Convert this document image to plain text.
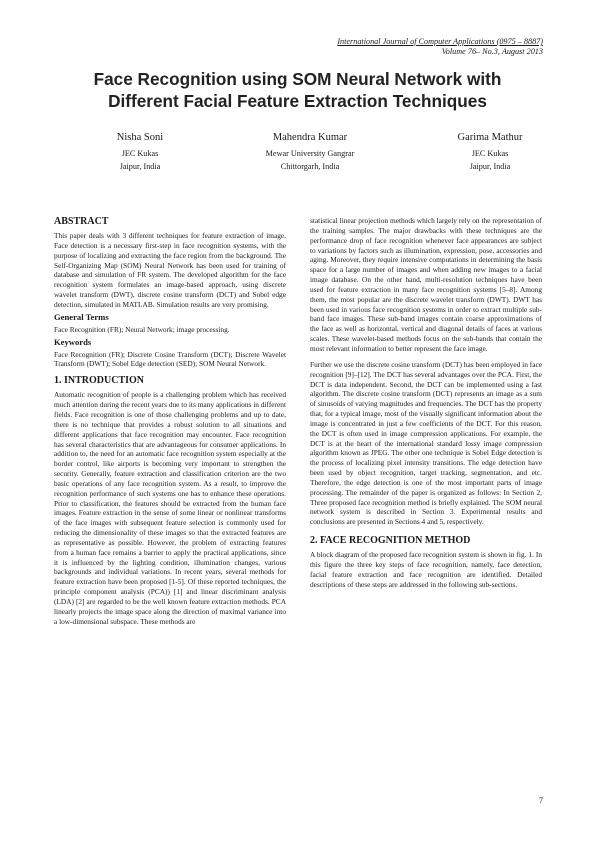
International Journal of Computer Applications (0975 – 8887)
Volume 76– No.3, August 2013
Face Recognition using SOM Neural Network with
Different Facial Feature Extraction Techniques
Nisha Soni
JEC Kukas
Jaipur, India
Mahendra Kumar
Mewar University Gangrar
Chittorgarh, India
Garima Mathur
JEC Kukas
Jaipur, India
ABSTRACT

This paper deals with 3 different techniques for feature extraction of image. Face detection is a necessary first-step in face recognition systems, with the purpose of localizing and extracting the face region from the background. The Self-Organizing Map (SOM) Neural Network has been used for training of database and simulation of FR system. The developed algorithm for the face recognition system formulates an image-based approach, using discrete wavelet transform (DWT), discrete cosine transform (DCT) and Sobel edge detection, simulated in MATLAB. Simulation results are very promising.

General Terms

Face Recognition (FR); Neural Network; image processing.

Keywords

Face Recognition (FR); Discrete Cosine Transform (DCT); Discrete Wavelet Transform (DWT); Sobel Edge detection (SED); SOM Neural Network.

1. INTRODUCTION

Automatic recognition of people is a challenging problem which has received much attention during the recent years due to its many applications in different fields. Face recognition is one of those challenging problems and up to date, there is no technique that provides a robust solution to all situations and different applications that face recognition may encounter. Face recognition has several characteristics that are advantageous for consumer applications. In addition to, the need for an automatic face recognition system especially at the border control, like airports is becoming very important to strengthen the security. Generally, feature extraction and classification criterion are the two basic operations of any face recognition system. As a result, to improve the recognition performance of such systems one has to enhance these operations. Prior to classification, the features should be extracted from the human face images. Feature extraction in the sense of some linear or nonlinear transforms of the face images with subsequent feature selection is commonly used for reducing the dimensionality of these images so that the extracted features are as representative as possible. However, the problem of extracting features from a human face remains a barrier to apply the practical applications, since it is influenced by the lighting condition, illumination changes, various backgrounds and individual variations. In recent years, several methods for feature extraction have been proposed [1-5]. Of these reported techniques, the principle component analysis (PCA)) [1] and linear discriminant analysis (LDA) [2] are regarded to be the well known feature extraction methods. PCA linearly projects the image space along the direction of maximal variance into a low-dimensional subspace. These methods are

statistical linear projection methods which largely rely on the representation of the training samples. The major drawbacks with these techniques are the performance drop of face recognition whenever face appearances are subject to variations by factors such as illumination, expression, pose, accessories and aging. Moreover, they require intensive computations in determining the basis space for a large number of images and when adding new images to a facial image database. On the other hand, multi-resolution techniques have been used for feature extraction in many face recognition systems [5–8]. Among them, the most popular are the discrete wavelet transform (DWT). DWT has been used in various face recognition systems in order to extract multiple sub-band face images. These sub-band images contain coarse approximations of the face as well as horizontal, vertical and diagonal details of faces at various scales. These wavelet-based methods focus on the sub-bands that contain the most relevant information to better represent the face image.

Further we use the discrete cosine transform (DCT) has been employed in face recognition [9]–[12]. The DCT has several advantages over the PCA. First, the DCT is data independent. Second, the DCT can be implemented using a fast algorithm. The discrete cosine transform (DCT) represents an image as a sum of sinusoids of varying magnitudes and frequencies. The DCT has the property that, for a typical image, most of the visually significant information about the image is concentrated in just a few coefficients of the DCT. For this reason, the DCT is often used in image compression applications. For example, the DCT is at the heart of the international standard lossy image compression algorithm known as JPEG. The other one technique is Sobel Edge detection is the process of localizing pixel intensity transitions. The edge detection have been used by object recognition, target tracking, segmentation, and etc. Therefore, the edge detection is one of the most important parts of image processing. The remainder of the paper is organized as follows: In Section 2, Three proposed face recognition method is briefly explained. The SOM neural network system is described in Section 3. Experimental results and conclusions are presented in Sections 4 and 5, respectively.

2. FACE RECOGNITION METHOD

A block diagram of the proposed face recognition system is shown in fig. 1. In this figure the three key steps of face recognition, namely, face detection, facial feature extraction and face recognition are identified. Detailed descriptions of these steps are addressed in the following sub-sections.

7
